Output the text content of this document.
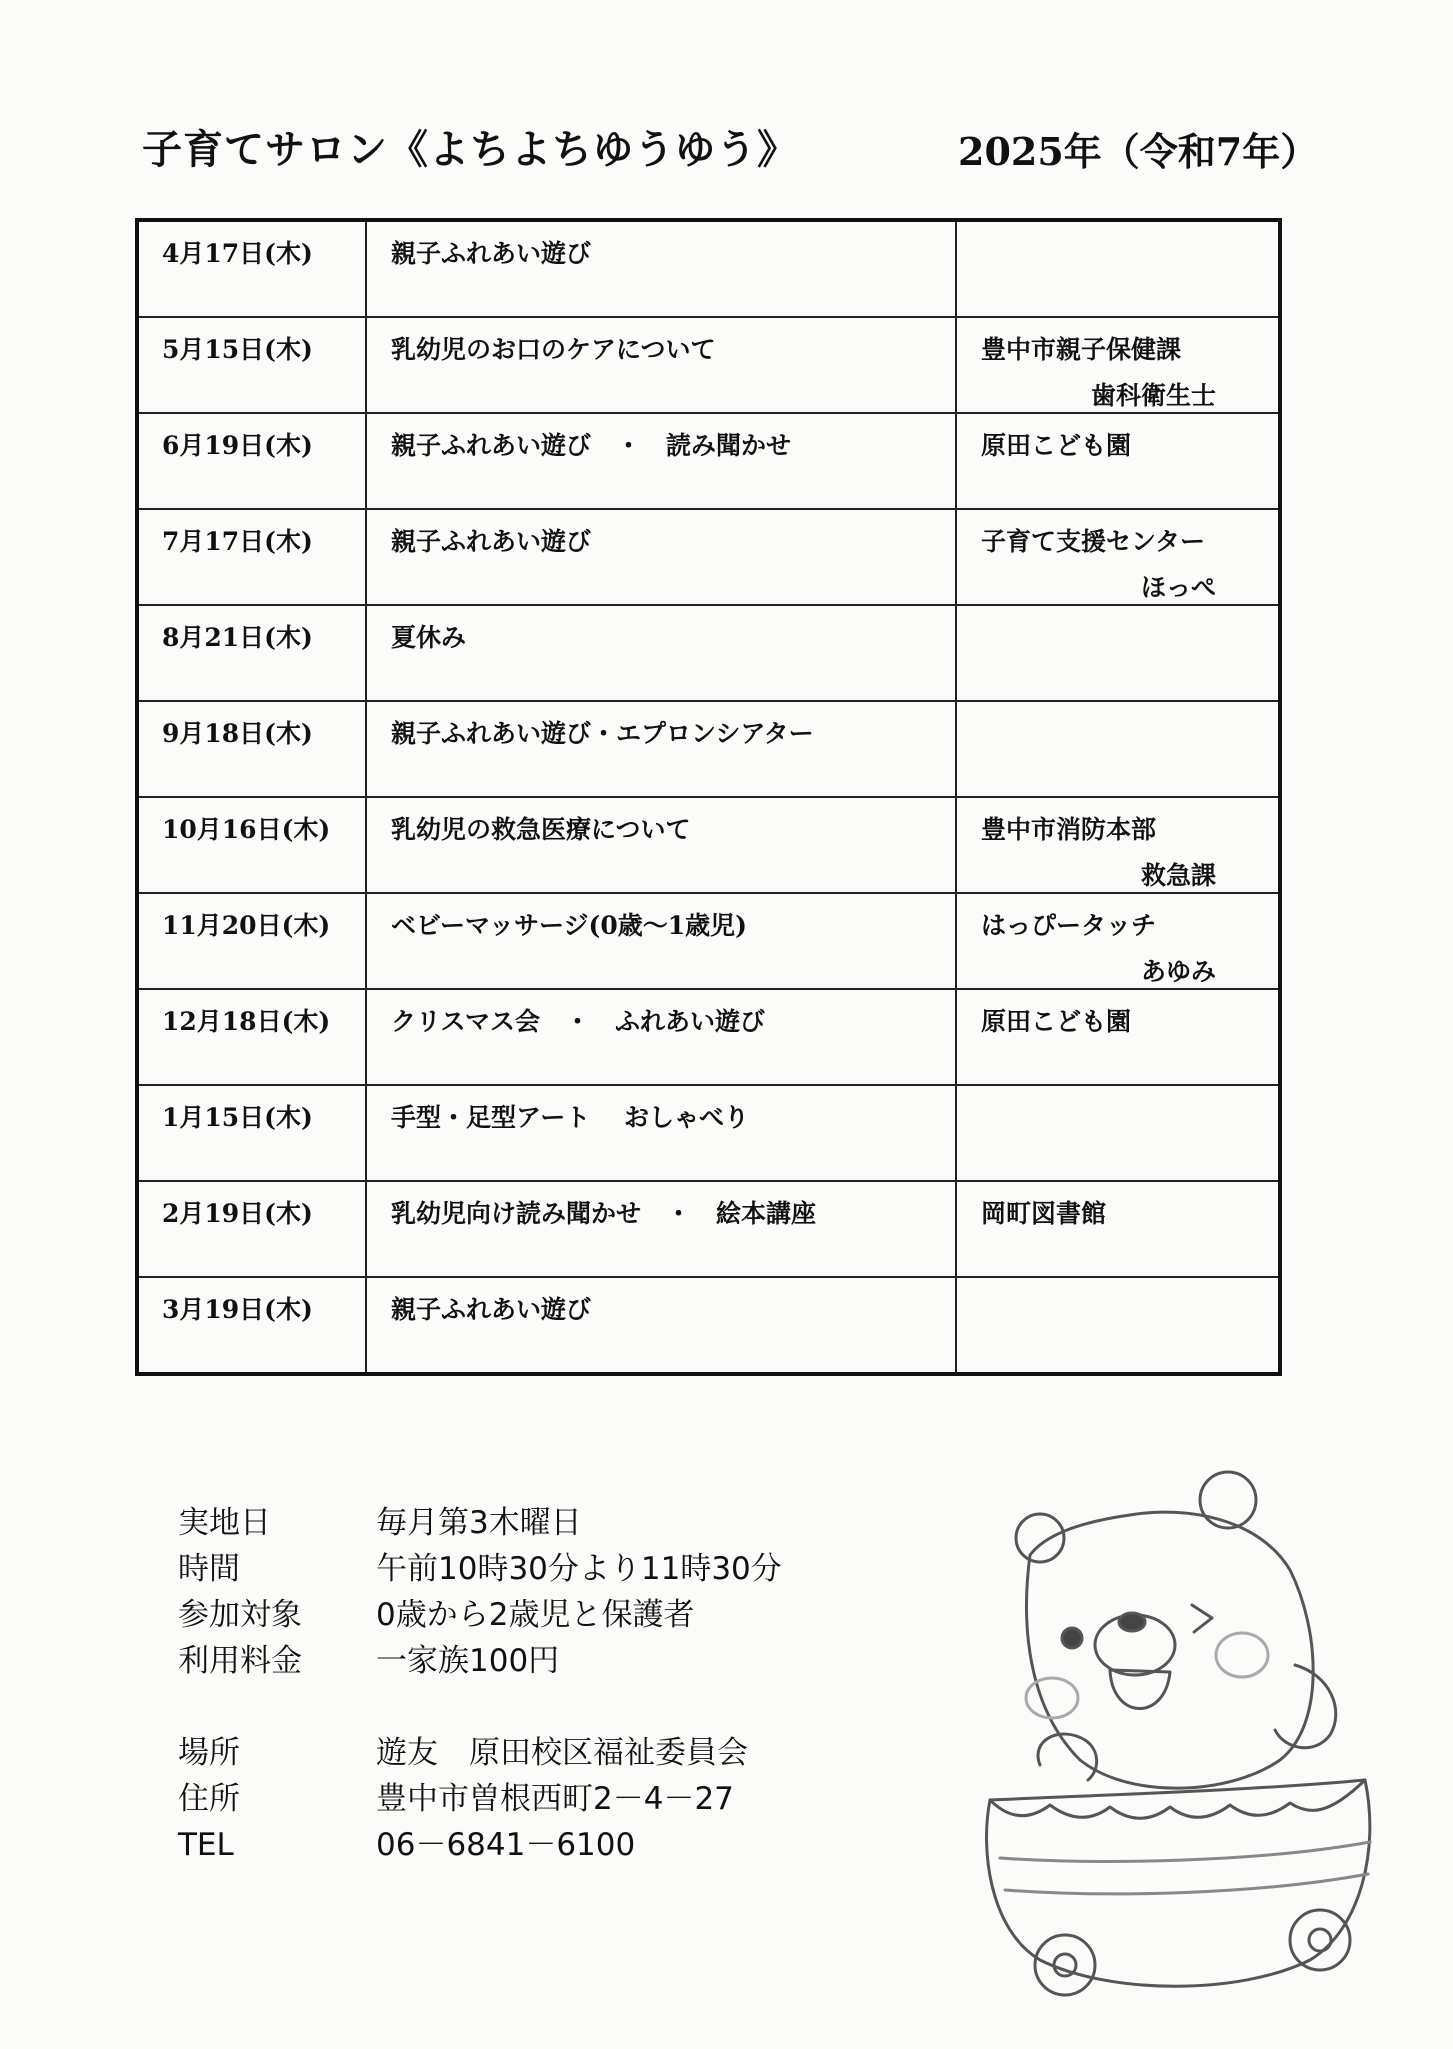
子育てサロン《よちよちゆうゆう》	2025年（令和7年）
4月17日(木)	親子ふれあい遊び	

5月15日(木)	乳幼児のお口のケアについて	豊中市親子保健課
歯科衛生士

6月19日(木)	親子ふれあい遊び　・　読み聞かせ	原田こども園

7月17日(木)	親子ふれあい遊び	子育て支援センター
ほっぺ

8月21日(木)	夏休み	

9月18日(木)	親子ふれあい遊び・エプロンシアター	

10月16日(木)	乳幼児の救急医療について	豊中市消防本部
救急課

11月20日(木)	ベビーマッサージ(0歳～1歳児)	はっぴータッチ
あゆみ

12月18日(木)	クリスマス会　・　ふれあい遊び	原田こども園

1月15日(木)	手型・足型アート　 おしゃべり	

2月19日(木)	乳幼児向け読み聞かせ　・　絵本講座	岡町図書館

3月19日(木)	親子ふれあい遊び	

実地日	毎月第3木曜日
時間	午前10時30分より11時30分
参加対象	0歳から2歳児と保護者
利用料金	一家族100円
場所	遊友　原田校区福祉委員会
住所	豊中市曽根西町2－4－27
TEL	06－6841－6100
